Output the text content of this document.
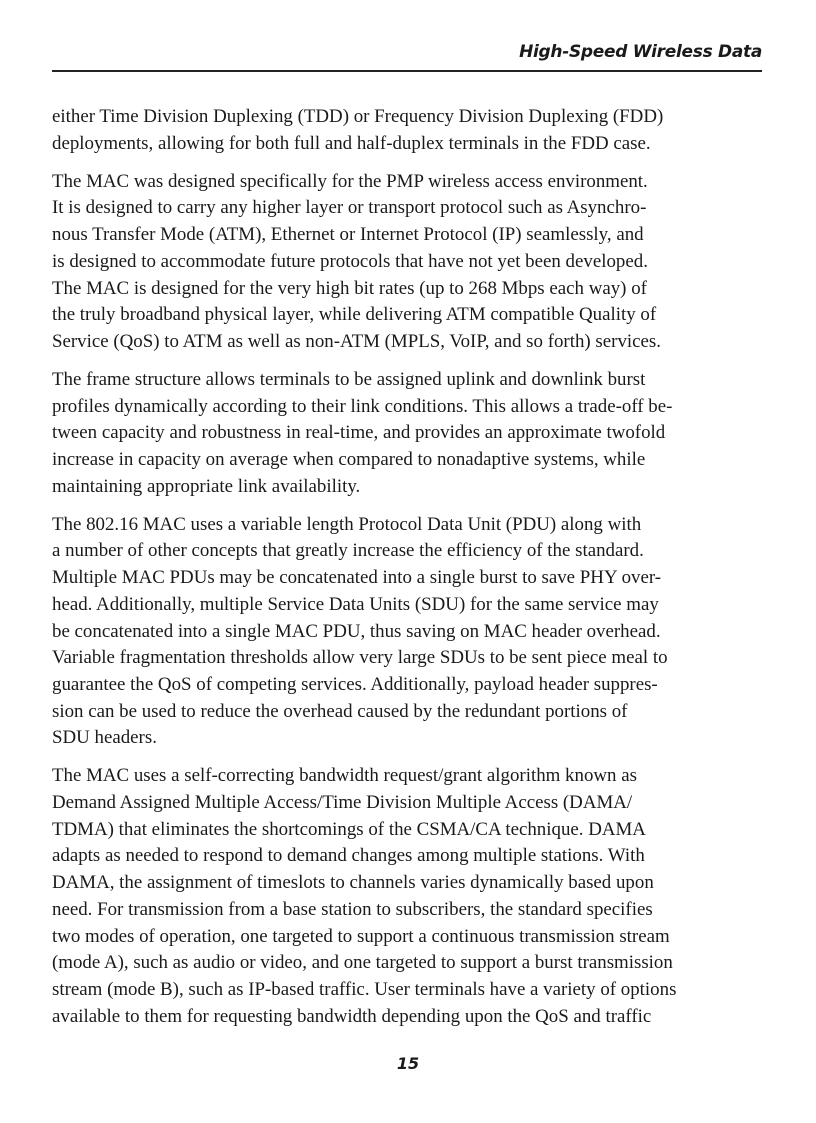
High-Speed Wireless Data

either Time Division Duplexing (TDD) or Frequency Division Duplexing (FDD)
deployments, allowing for both full and half-duplex terminals in the FDD case.

The MAC was designed specifically for the PMP wireless access environment.
It is designed to carry any higher layer or transport protocol such as Asynchro-
nous Transfer Mode (ATM), Ethernet or Internet Protocol (IP) seamlessly, and
is designed to accommodate future protocols that have not yet been developed.
The MAC is designed for the very high bit rates (up to 268 Mbps each way) of
the truly broadband physical layer, while delivering ATM compatible Quality of
Service (QoS) to ATM as well as non-ATM (MPLS, VoIP, and so forth) services.

The frame structure allows terminals to be assigned uplink and downlink burst
profiles dynamically according to their link conditions. This allows a trade-off be-
tween capacity and robustness in real-time, and provides an approximate twofold
increase in capacity on average when compared to nonadaptive systems, while
maintaining appropriate link availability.

The 802.16 MAC uses a variable length Protocol Data Unit (PDU) along with
a number of other concepts that greatly increase the efficiency of the standard.
Multiple MAC PDUs may be concatenated into a single burst to save PHY over-
head. Additionally, multiple Service Data Units (SDU) for the same service may
be concatenated into a single MAC PDU, thus saving on MAC header overhead.
Variable fragmentation thresholds allow very large SDUs to be sent piece meal to
guarantee the QoS of competing services. Additionally, payload header suppres-
sion can be used to reduce the overhead caused by the redundant portions of
SDU headers.

The MAC uses a self-correcting bandwidth request/grant algorithm known as
Demand Assigned Multiple Access/Time Division Multiple Access (DAMA/
TDMA) that eliminates the shortcomings of the CSMA/CA technique. DAMA
adapts as needed to respond to demand changes among multiple stations. With
DAMA, the assignment of timeslots to channels varies dynamically based upon
need. For transmission from a base station to subscribers, the standard specifies
two modes of operation, one targeted to support a continuous transmission stream
(mode A), such as audio or video, and one targeted to support a burst transmission
stream (mode B), such as IP-based traffic. User terminals have a variety of options
available to them for requesting bandwidth depending upon the QoS and traffic

15
